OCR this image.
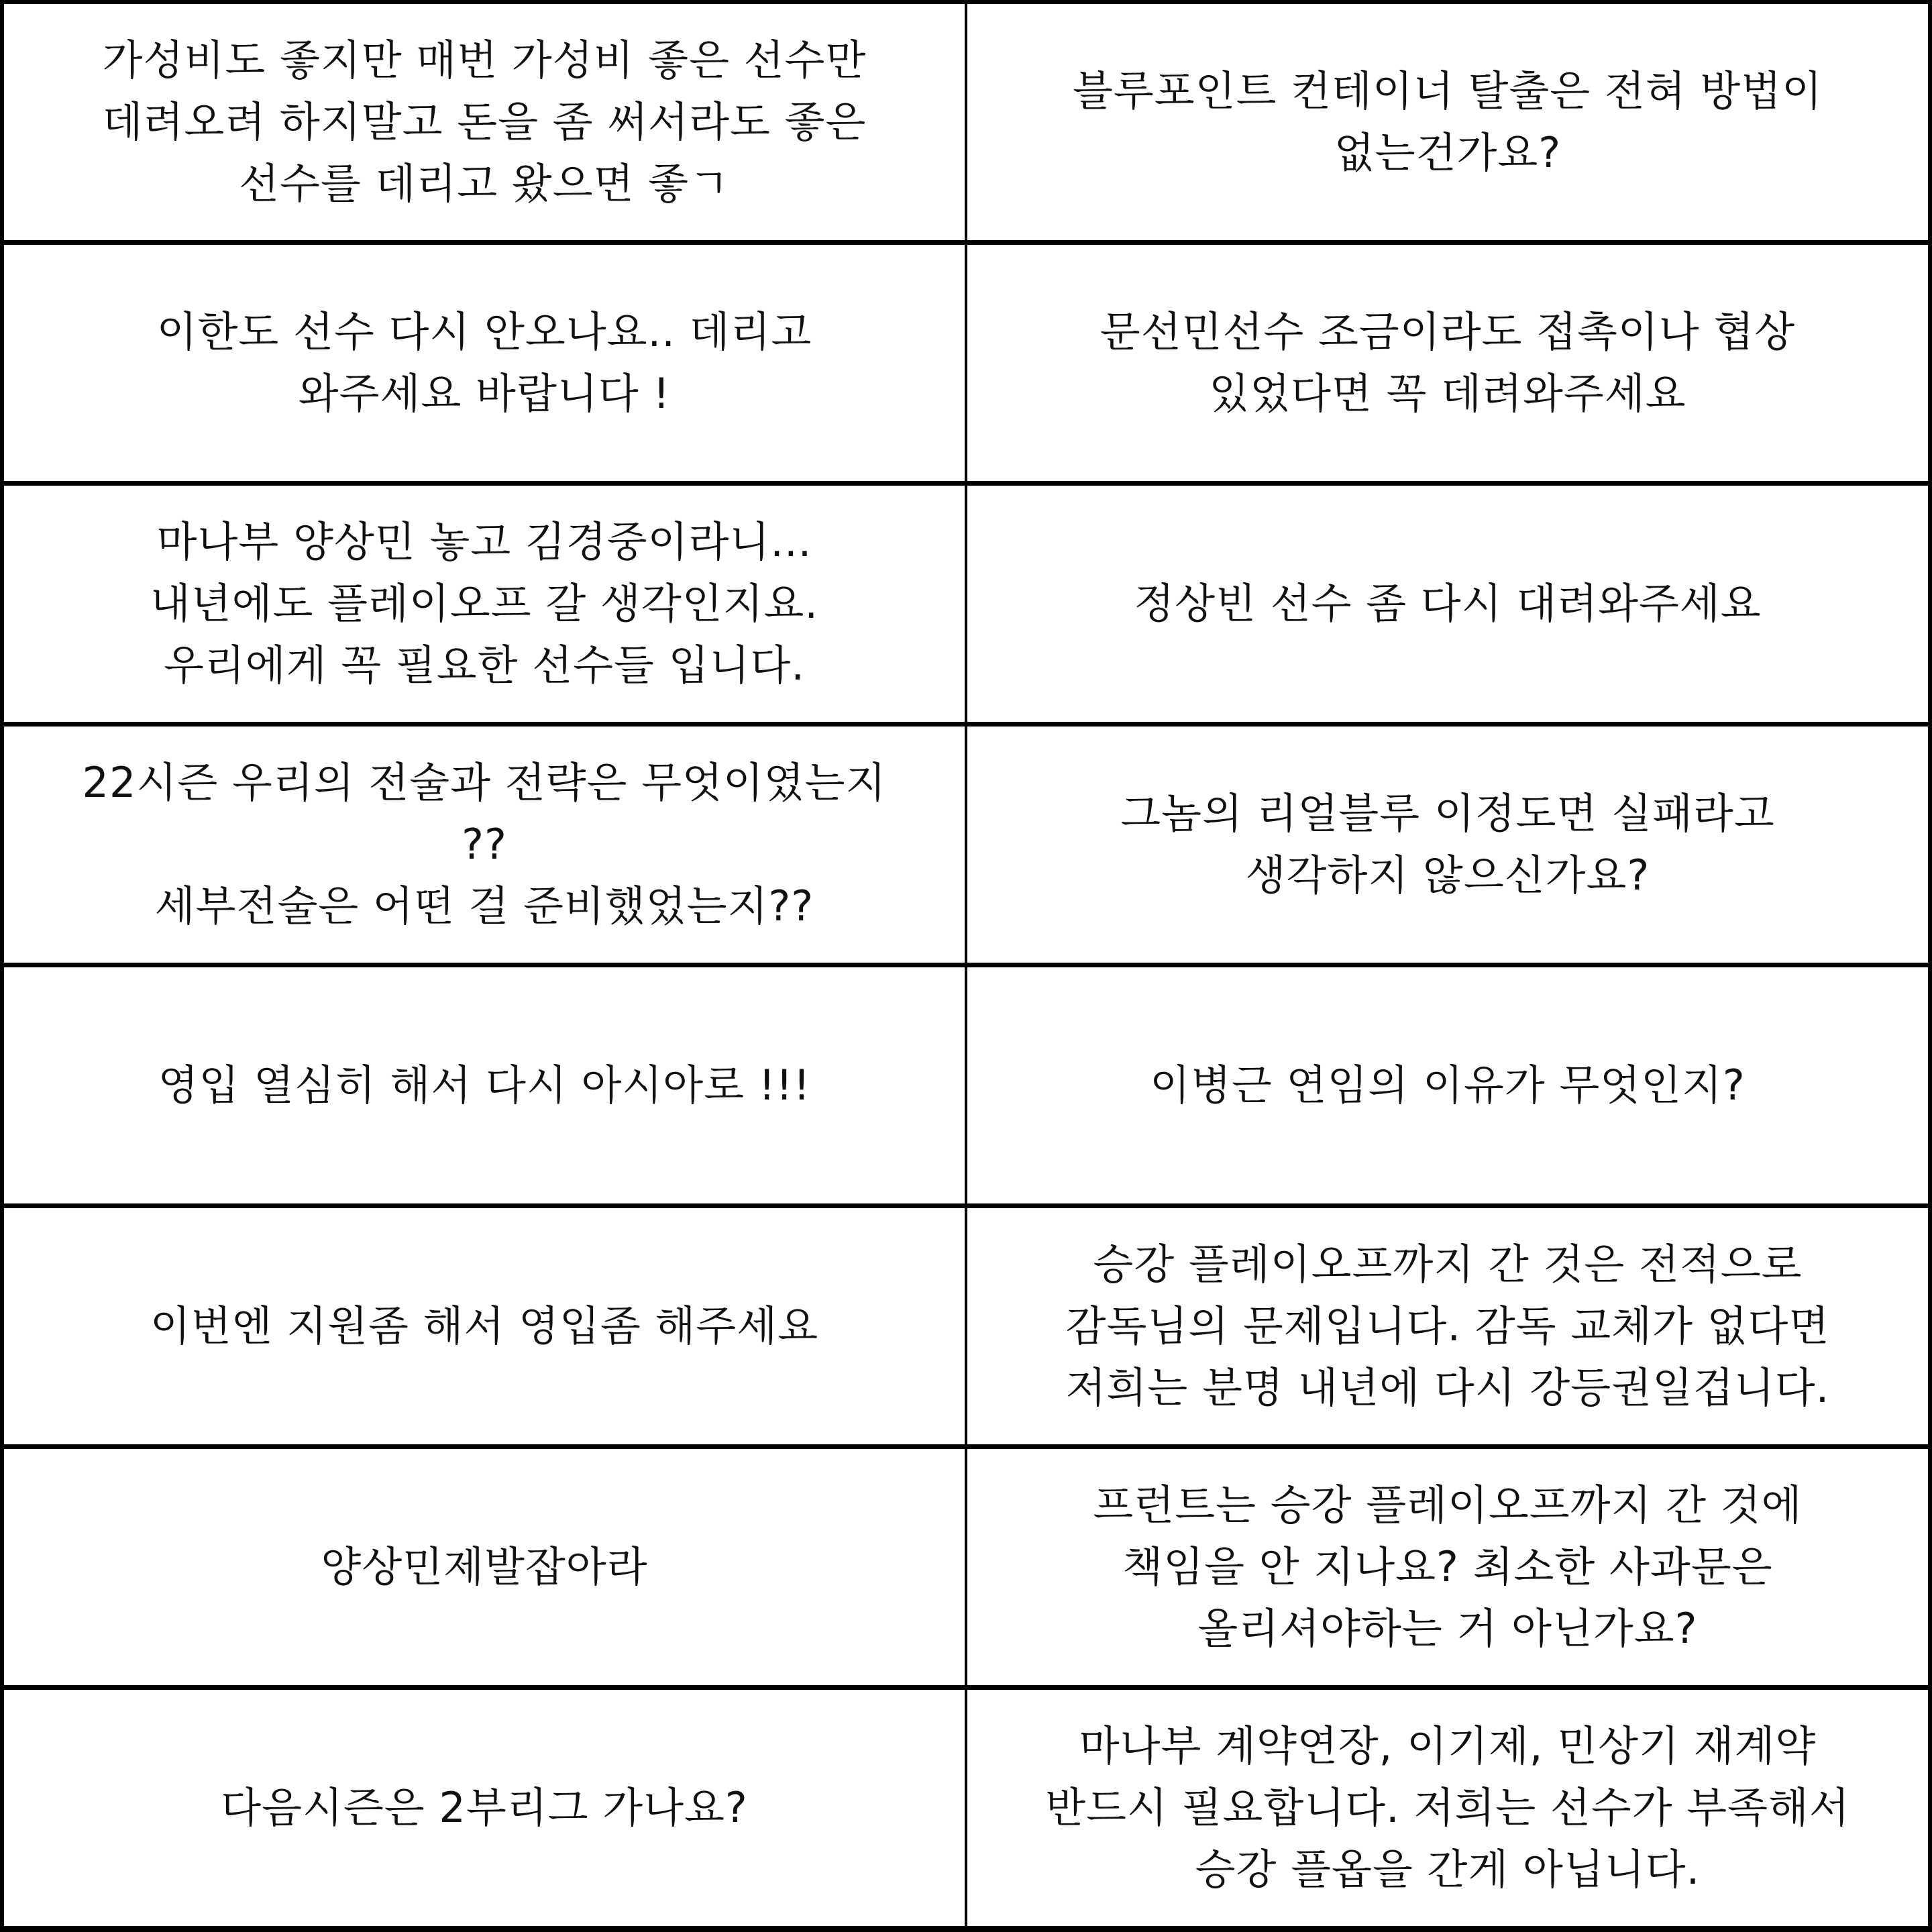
가성비도 좋지만 매번 가성비 좋은 선수만
데려오려 하지말고 돈을 좀 써서라도 좋은
선수를 데리고 왔으면 좋ㄱ
블루포인트 컨테이너 탈출은 전혀 방법이
없는건가요?
이한도 선수 다시 안오나요.. 데리고
와주세요 바랍니다 !
문선민선수 조금이라도 접촉이나 협상
있었다면 꼭 데려와주세요
마나부 양상민 놓고 김경중이라니...
내년에도 플레이오프 갈 생각인지요.
우리에게 꼭 필요한 선수들 입니다.
정상빈 선수 좀 다시 대려와주세요
22시즌 우리의 전술과 전략은 무엇이였는지
??
세부전술은 어떤 걸 준비했었는지??
그놈의 리얼블루 이정도면 실패라고
생각하지 않으신가요?
영입 열심히 해서 다시 아시아로 !!!	이병근 연임의 이유가 무엇인지?
이번엔 지원좀 해서 영입좀 해주세요
승강 플레이오프까지 간 것은 전적으로
감독님의 문제입니다. 감독 교체가 없다면
저희는 분명 내년에 다시 강등권일겁니다.
양상민제발잡아라
프런트는 승강 플레이오프까지 간 것에
책임을 안 지나요? 최소한 사과문은
올리셔야하는 거 아닌가요?
다음시즌은 2부리그 가나요?
마나부 계약연장, 이기제, 민상기 재계약
반드시 필요합니다. 저희는 선수가 부족해서
승강 플옵을 간게 아닙니다.
